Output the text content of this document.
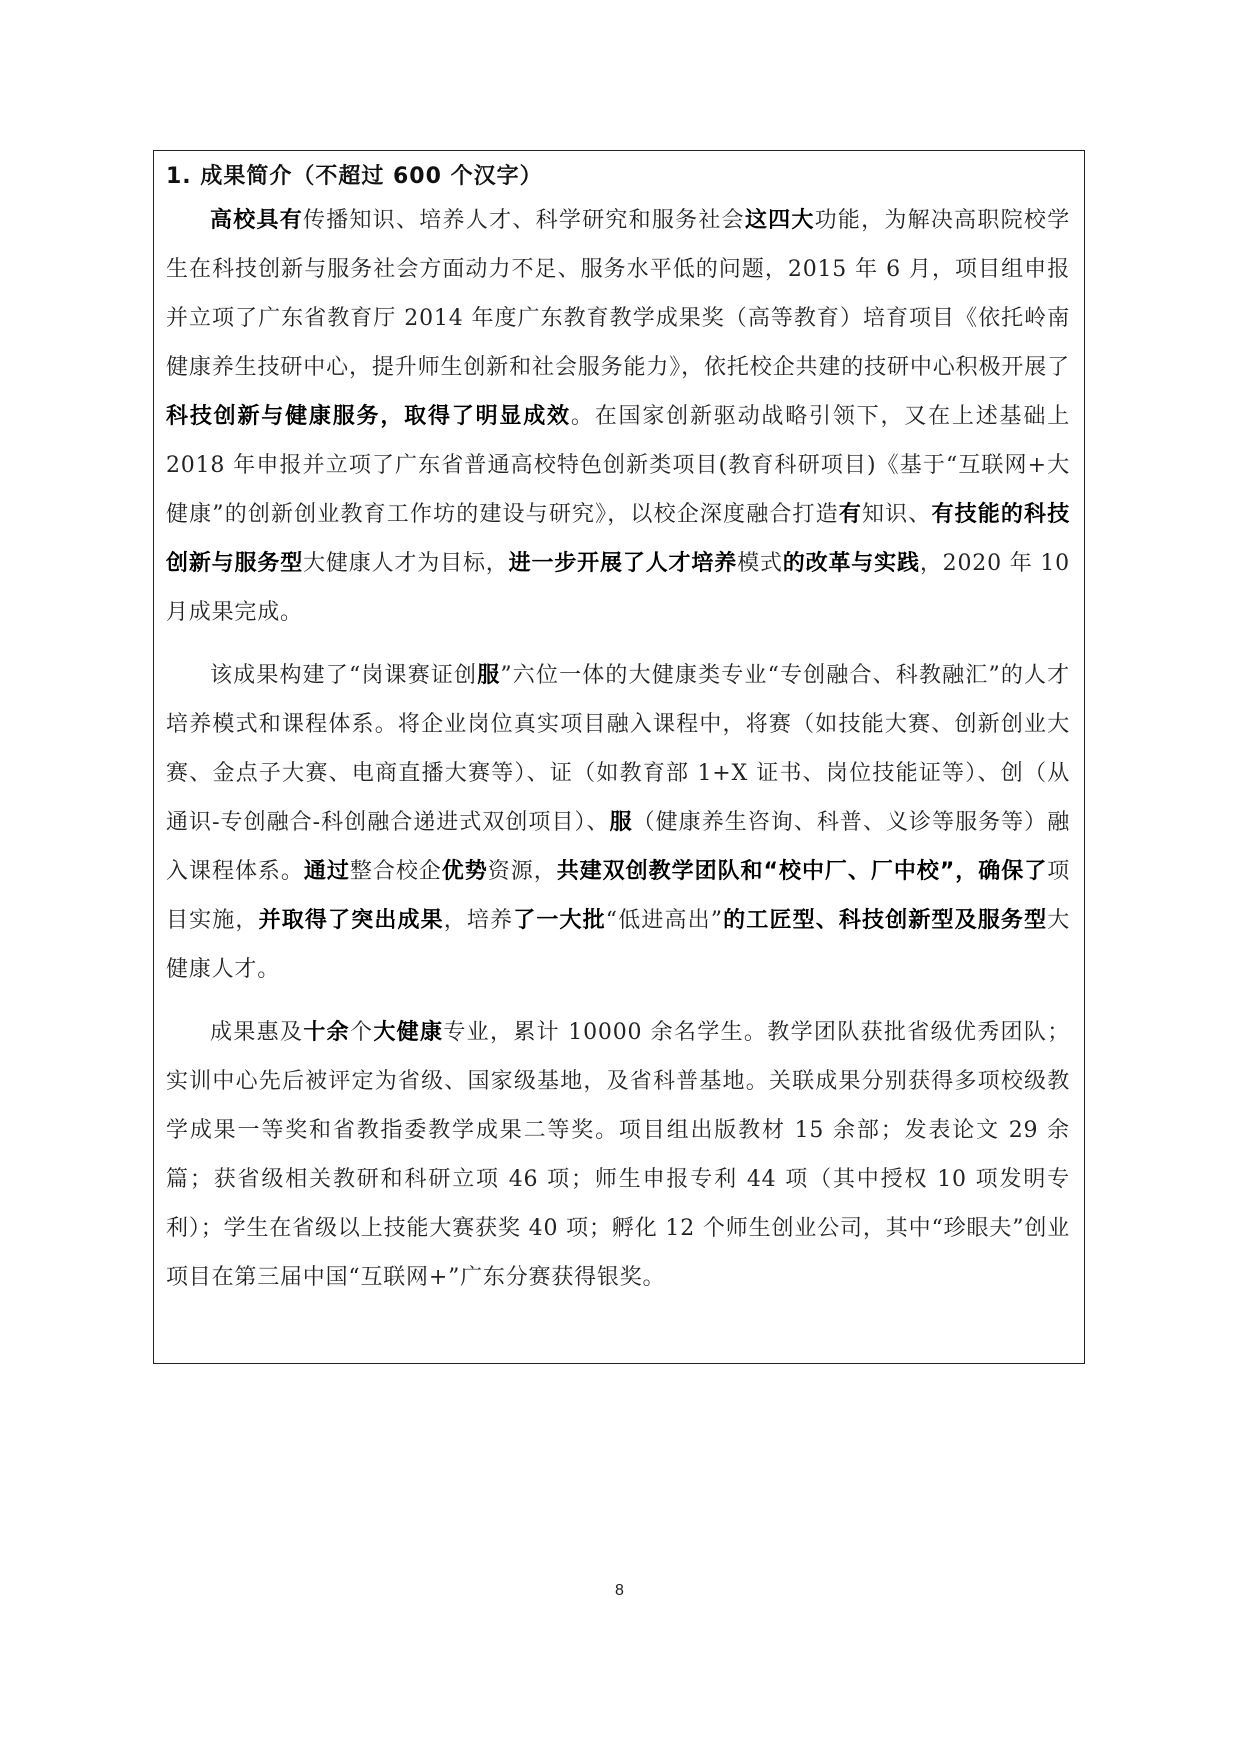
1. 成果简介（不超过 600 个汉字）

高校具有传播知识、培养人才、科学研究和服务社会这四大功能，为解决高职院校学生在科技创新与服务社会方面动力不足、服务水平低的问题，2015 年 6 月，项目组申报并立项了广东省教育厅 2014 年度广东教育教学成果奖（高等教育）培育项目《依托岭南健康养生技研中心，提升师生创新和社会服务能力》，依托校企共建的技研中心积极开展了科技创新与健康服务，取得了明显成效。在国家创新驱动战略引领下，又在上述基础上 2018 年申报并立项了广东省普通高校特色创新类项目(教育科研项目)《基于“互联网+大健康”的创新创业教育工作坊的建设与研究》，以校企深度融合打造有知识、有技能的科技创新与服务型大健康人才为目标，进一步开展了人才培养模式的改革与实践，2020 年 10 月成果完成。

该成果构建了“岗课赛证创服”六位一体的大健康类专业“专创融合、科教融汇”的人才培养模式和课程体系。将企业岗位真实项目融入课程中，将赛（如技能大赛、创新创业大赛、金点子大赛、电商直播大赛等）、证（如教育部 1+X 证书、岗位技能证等）、创（从通识-专创融合-科创融合递进式双创项目）、服（健康养生咨询、科普、义诊等服务等）融入课程体系。通过整合校企优势资源，共建双创教学团队和“校中厂、厂中校”，确保了项目实施，并取得了突出成果，培养了一大批“低进高出”的工匠型、科技创新型及服务型大健康人才。

成果惠及十余个大健康专业，累计 10000 余名学生。教学团队获批省级优秀团队；实训中心先后被评定为省级、国家级基地，及省科普基地。关联成果分别获得多项校级教学成果一等奖和省教指委教学成果二等奖。项目组出版教材 15 余部；发表论文 29 余篇；获省级相关教研和科研立项 46 项；师生申报专利 44 项（其中授权 10 项发明专利）；学生在省级以上技能大赛获奖 40 项；孵化 12 个师生创业公司，其中“珍眼夫”创业项目在第三届中国“互联网+”广东分赛获得银奖。

8
